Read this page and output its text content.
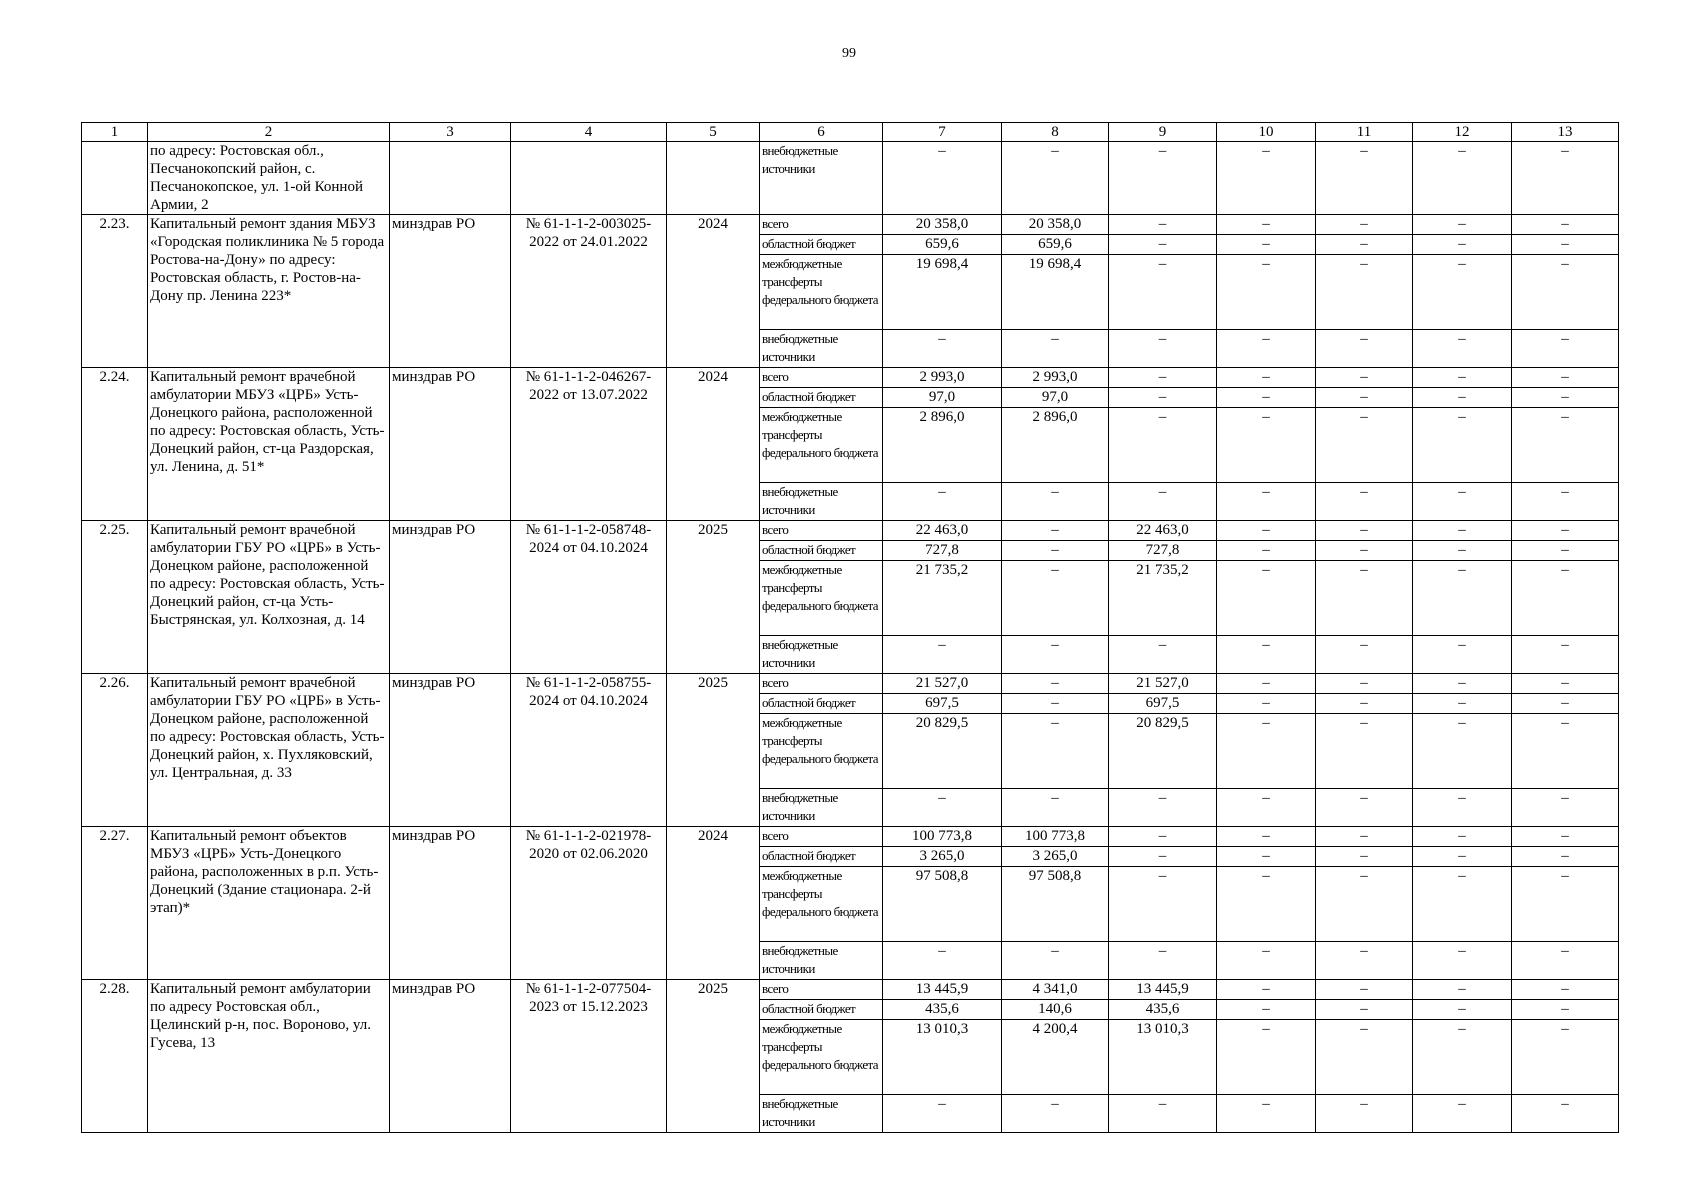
99
1	2	3	4	5	6	7	8	9	10	11	12	13
	по адресу: Ростовская обл., Песчанокопский район, с. Песчанокопское, ул. 1-ой Конной Армии, 2				внебюджетные источники	–	–	–	–	–	–	–
2.23.	Капитальный ремонт здания МБУЗ «Городская поликлиника № 5 города Ростова-на-Дону» по адресу: Ростовская область, г. Ростов-на-Дону пр. Ленина 223*	минздрав РО	№ 61-1-1-2-003025-2022 от 24.01.2022	2024	всего	20 358,0	20 358,0	–	–	–	–	–
					областной бюджет	659,6	659,6	–	–	–	–	–
					межбюджетные трансферты федерального бюджета	19 698,4	19 698,4	–	–	–	–	–
					внебюджетные источники	–	–	–	–	–	–	–
2.24.	Капитальный ремонт врачебной амбулатории МБУЗ «ЦРБ» Усть-Донецкого района, расположенной по адресу: Ростовская область, Усть-Донецкий район, ст-ца Раздорская, ул. Ленина, д. 51*	минздрав РО	№ 61-1-1-2-046267-2022 от 13.07.2022	2024	всего	2 993,0	2 993,0	–	–	–	–	–
					областной бюджет	97,0	97,0	–	–	–	–	–
					межбюджетные трансферты федерального бюджета	2 896,0	2 896,0	–	–	–	–	–
					внебюджетные источники	–	–	–	–	–	–	–
2.25.	Капитальный ремонт врачебной амбулатории ГБУ РО «ЦРБ» в Усть-Донецком районе, расположенной по адресу: Ростовская область, Усть-Донецкий район, ст-ца Усть-Быстрянская, ул. Колхозная, д. 14	минздрав РО	№ 61-1-1-2-058748-2024 от 04.10.2024	2025	всего	22 463,0	–	22 463,0	–	–	–	–
					областной бюджет	727,8	–	727,8	–	–	–	–
					межбюджетные трансферты федерального бюджета	21 735,2	–	21 735,2	–	–	–	–
					внебюджетные источники	–	–	–	–	–	–	–
2.26.	Капитальный ремонт врачебной амбулатории ГБУ РО «ЦРБ» в Усть-Донецком районе, расположенной по адресу: Ростовская область, Усть-Донецкий район, х. Пухляковский, ул. Центральная, д. 33	минздрав РО	№ 61-1-1-2-058755-2024 от 04.10.2024	2025	всего	21 527,0	–	21 527,0	–	–	–	–
					областной бюджет	697,5	–	697,5	–	–	–	–
					межбюджетные трансферты федерального бюджета	20 829,5	–	20 829,5	–	–	–	–
					внебюджетные источники	–	–	–	–	–	–	–
2.27.	Капитальный ремонт объектов МБУЗ «ЦРБ» Усть-Донецкого района, расположенных в р.п. Усть-Донецкий (Здание стационара. 2-й этап)*	минздрав РО	№ 61-1-1-2-021978-2020 от 02.06.2020	2024	всего	100 773,8	100 773,8	–	–	–	–	–
					областной бюджет	3 265,0	3 265,0	–	–	–	–	–
					межбюджетные трансферты федерального бюджета	97 508,8	97 508,8	–	–	–	–	–
					внебюджетные источники	–	–	–	–	–	–	–
2.28.	Капитальный ремонт амбулатории по адресу Ростовская обл., Целинский р-н, пос. Вороново, ул. Гусева, 13	минздрав РО	№ 61-1-1-2-077504-2023 от 15.12.2023	2025	всего	13 445,9	4 341,0	13 445,9	–	–	–	–
					областной бюджет	435,6	140,6	435,6	–	–	–	–
					межбюджетные трансферты федерального бюджета	13 010,3	4 200,4	13 010,3	–	–	–	–
					внебюджетные источники	–	–	–	–	–	–	–
